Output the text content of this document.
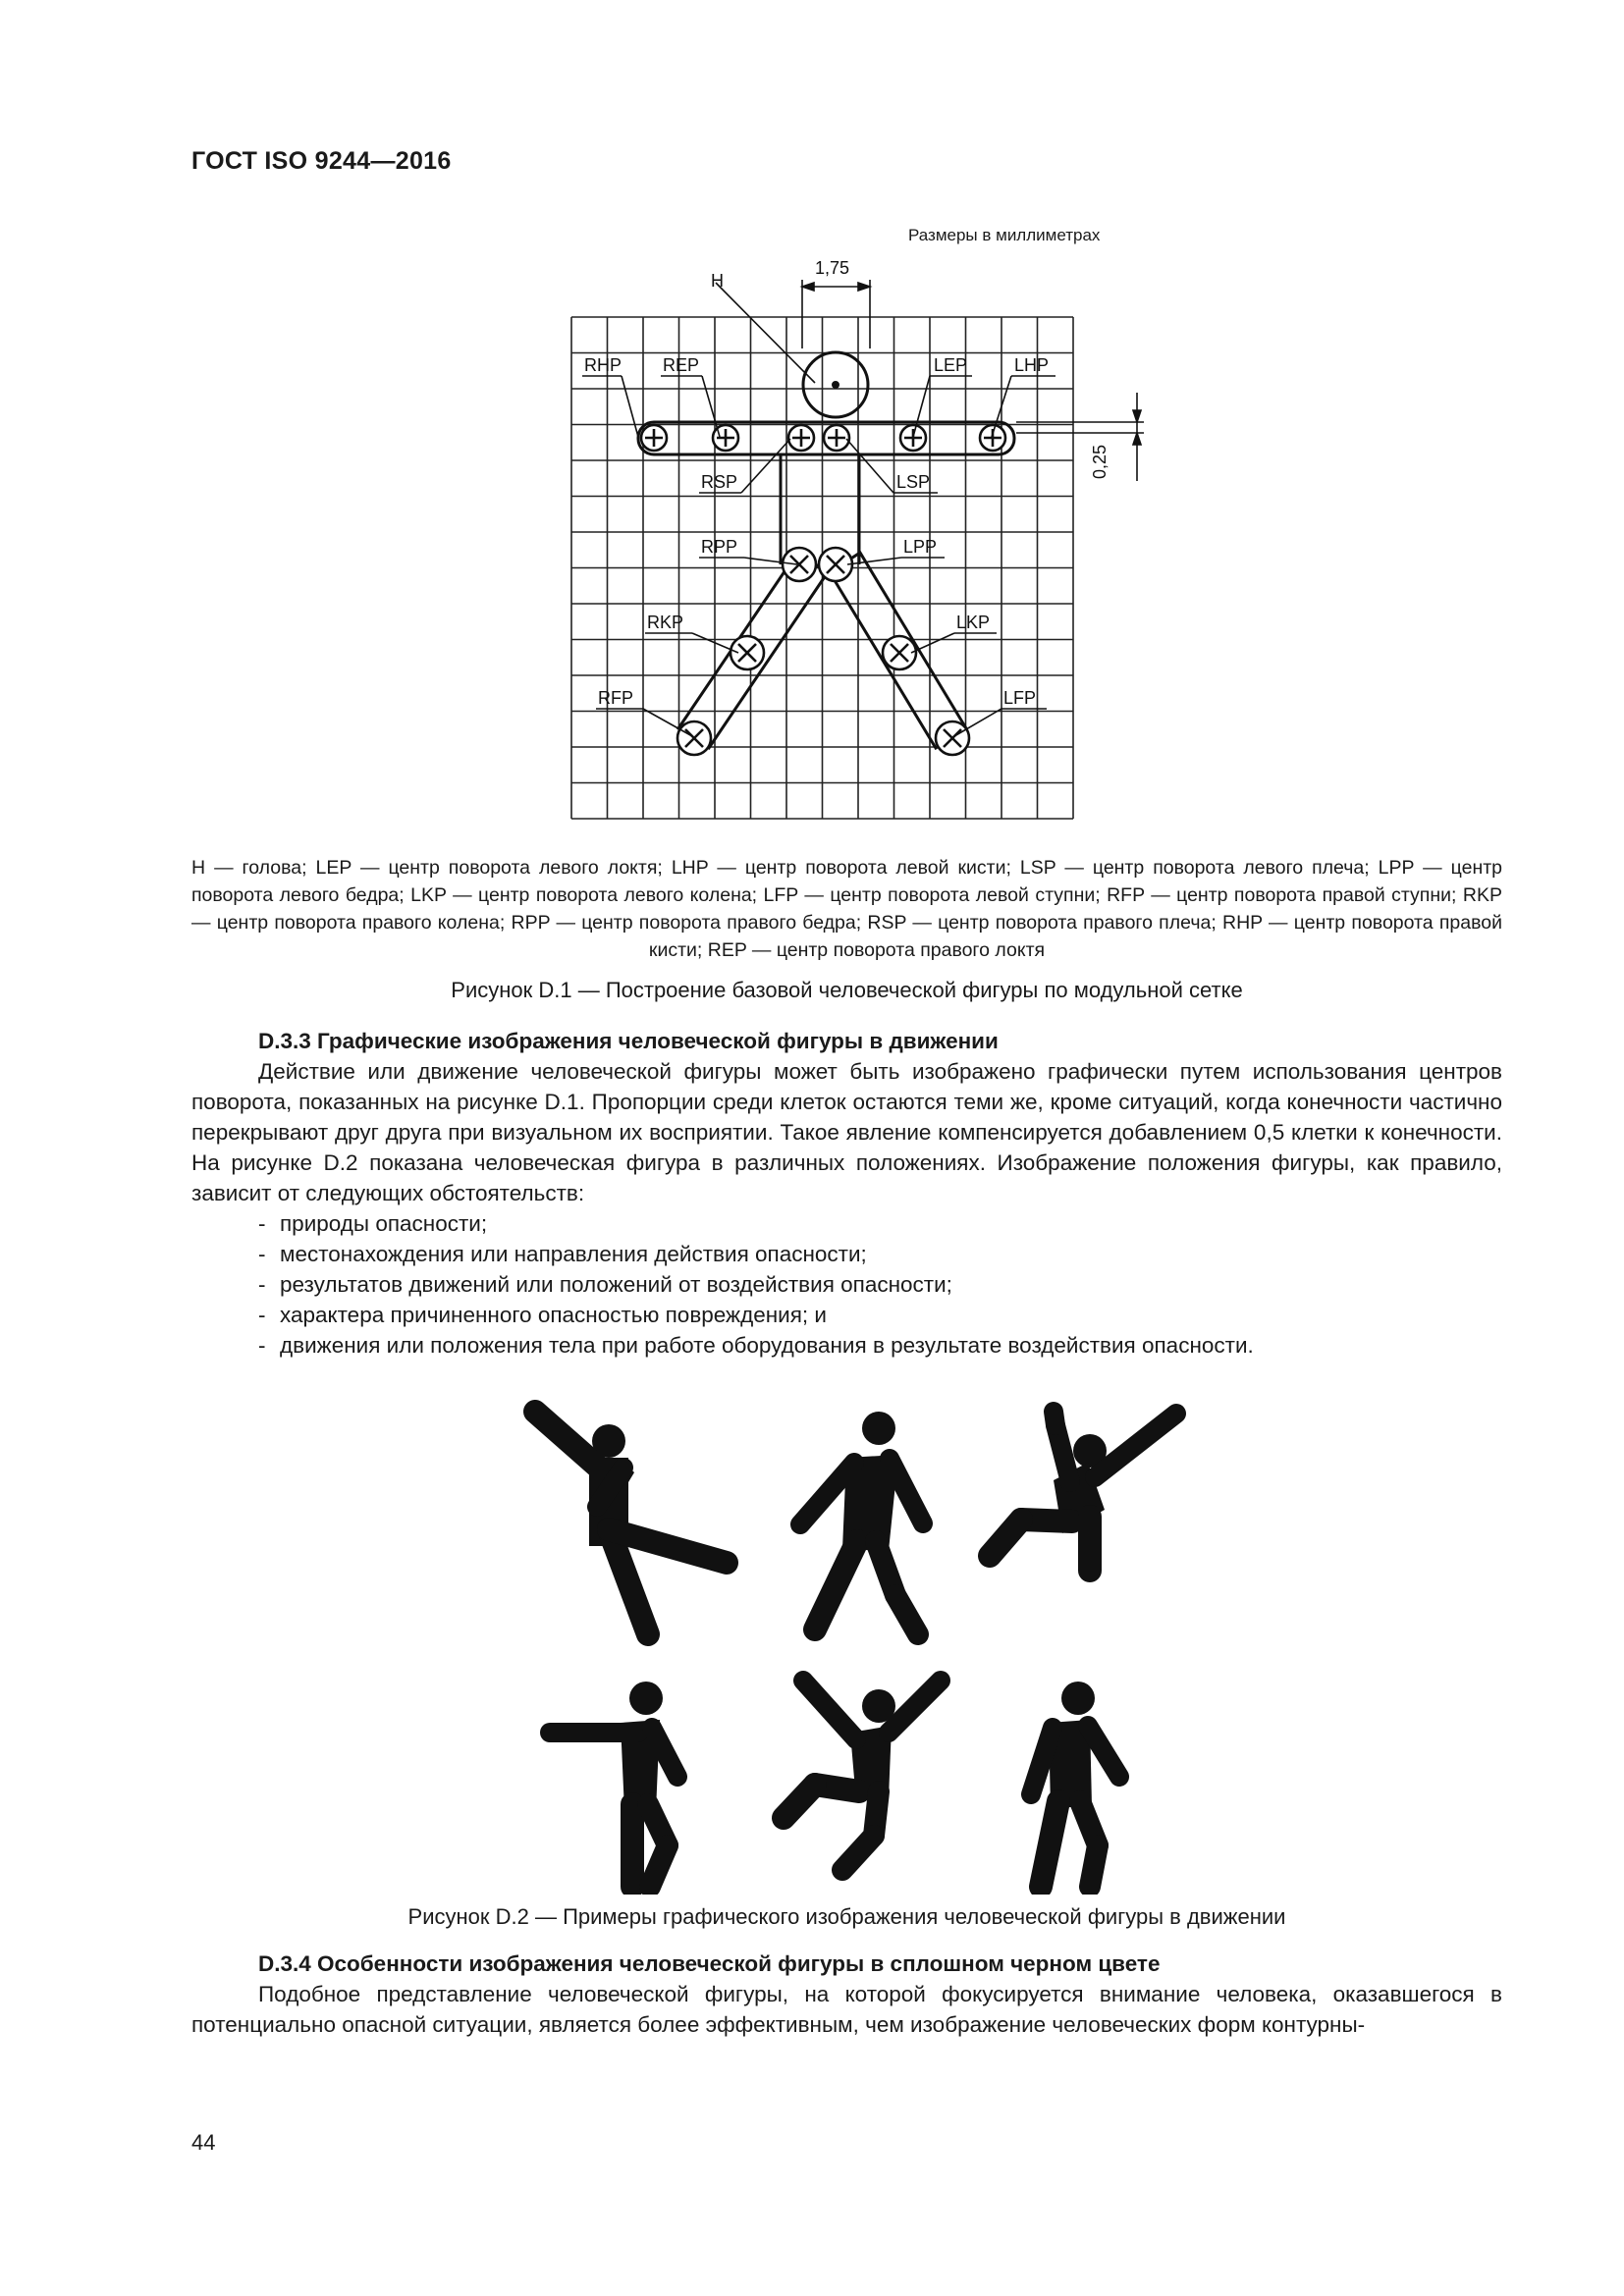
ГОСТ ISO 9244—2016
Размеры в миллиметрах
H
1,75
RHP REP	LEP	LHP
RSP	LSP
RPP	LPP
RKP	LKP
RFP	LFP
0,25
H — голова; LEP — центр поворота левого локтя; LHP — центр поворота левой кисти; LSP — центр поворота левого плеча; LPP — центр поворота левого бедра; LKP — центр поворота левого колена; LFP — центр поворота левой ступни; RFP — центр поворота правой ступни; RKP — центр поворота правого колена; RPP — центр поворота правого бедра; RSP — центр поворота правого плеча; RHP — центр поворота правой кисти; REP — центр поворота правого локтя
Рисунок D.1 — Построение базовой человеческой фигуры по модульной сетке
D.3.3 Графические изображения человеческой фигуры в движении
Действие или движение человеческой фигуры может быть изображено графически путем использования центров поворота, показанных на рисунке D.1. Пропорции среди клеток остаются теми же, кроме ситуаций, когда конечности частично перекрывают друг друга при визуальном их восприятии. Такое явление компенсируется добавлением 0,5 клетки к конечности. На рисунке D.2 показана человеческая фигура в различных положениях. Изображение положения фигуры, как правило, зависит от следующих обстоятельств:
- природы опасности;
- местонахождения или направления действия опасности;
- результатов движений или положений от воздействия опасности;
- характера причиненного опасностью повреждения; и
- движения или положения тела при работе оборудования в результате воздействия опасности.
Рисунок D.2 — Примеры графического изображения человеческой фигуры в движении
D.3.4 Особенности изображения человеческой фигуры в сплошном черном цвете
Подобное представление человеческой фигуры, на которой фокусируется внимание человека, оказавшегося в потенциально опасной ситуации, является более эффективным, чем изображение человеческих форм контурны-
44
